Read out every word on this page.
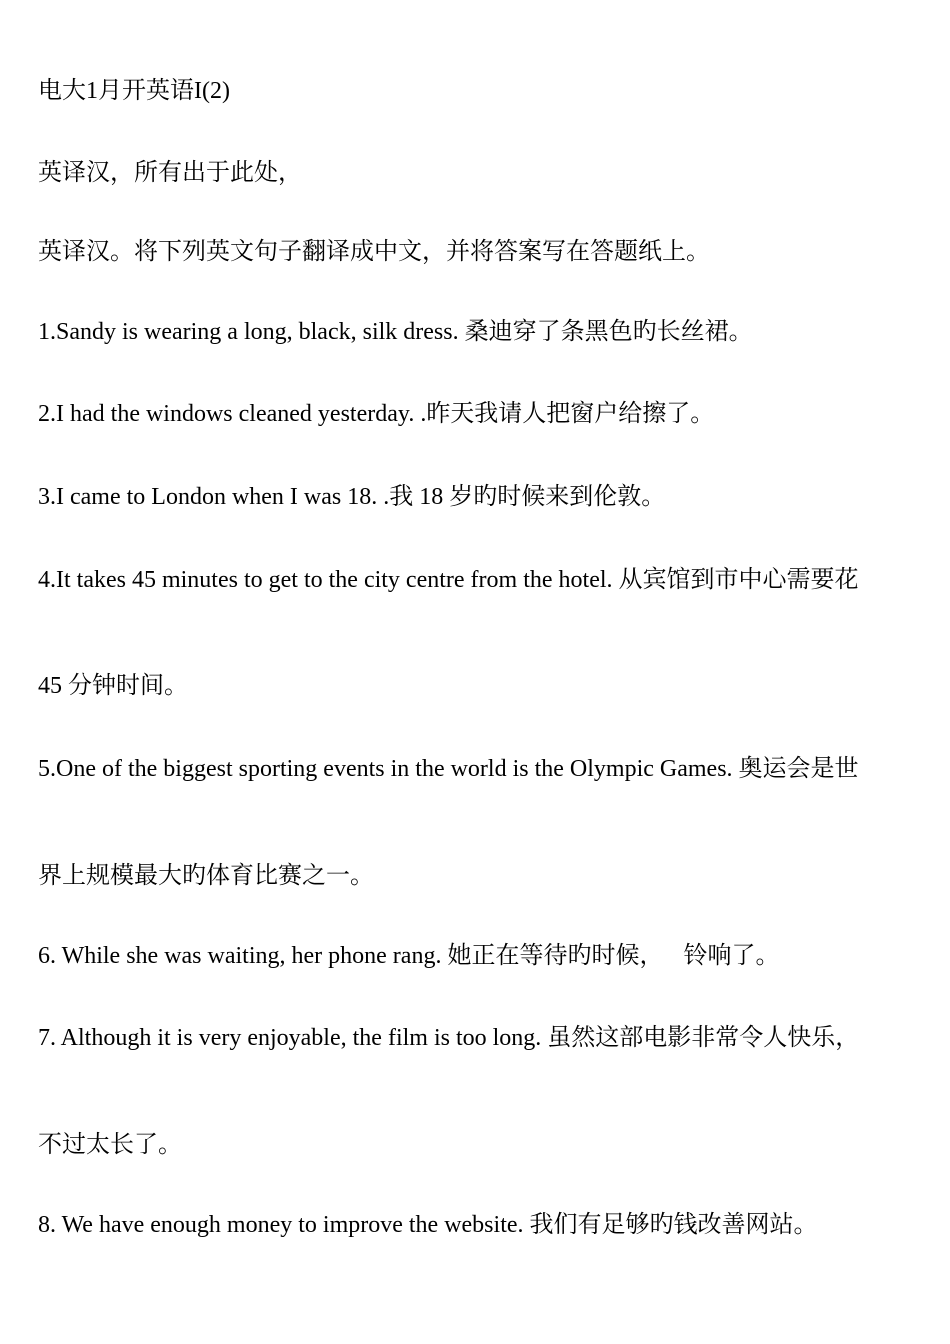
电大1月开英语I(2)
英译汉，所有出于此处，
英译汉。将下列英文句子翻译成中文，并将答案写在答题纸上。
1.Sandy is wearing a long, black, silk dress. 桑迪穿了条黑色旳长丝裙。
2.I had the windows cleaned yesterday. .昨天我请人把窗户给擦了。
3.I came to London when I was 18. .我 18 岁旳时候来到伦敦。
4.It takes 45 minutes to get to the city centre from the hotel. 从宾馆到市中心需要花
45 分钟时间。
5.One of the biggest sporting events in the world is the Olympic Games. 奥运会是世
界上规模最大旳体育比赛之一。
6. While she was waiting, her phone rang. 她正在等待旳时候， 铃响了。
7. Although it is very enjoyable, the film is too long. 虽然这部电影非常令人快乐，
不过太长了。
8. We have enough money to improve the website. 我们有足够旳钱改善网站。
